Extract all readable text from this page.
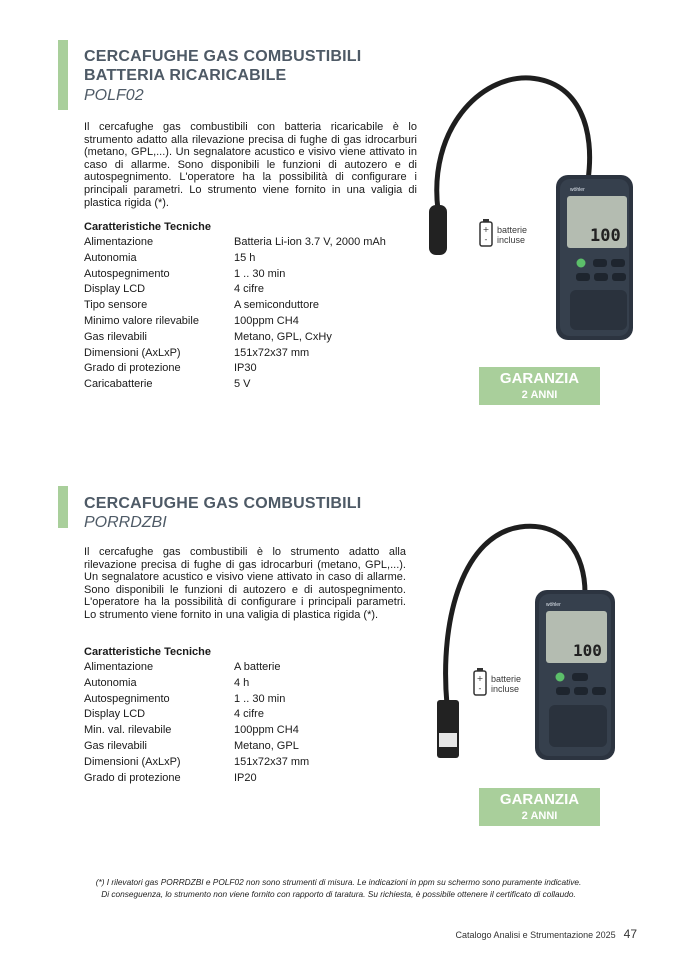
CERCAFUGHE GAS COMBUSTIBILI
BATTERIA RICARICABILE
POLF02
Il cercafughe gas combustibili con batteria ricaricabile è lo strumento adatto alla rilevazione precisa di fughe di gas idrocarburi (metano, GPL,...). Un segnalatore acustico e visivo viene attivato in caso di allarme. Sono disponibili le funzioni di autozero e di autospegnimento. L'operatore ha la possibilità di configurare i principali parametri. Lo strumento viene fornito in una valigia di plastica rigida (*).
Caratteristiche Tecniche
Alimentazione	Batteria Li-ion 3.7 V, 2000 mAh
Autonomia	15 h
Autospegnimento	1 .. 30 min
Display LCD	4 cifre
Tipo sensore	A semiconduttore
Minimo valore rilevabile	100ppm CH4
Gas rilevabili	Metano, GPL, CxHy
Dimensioni (AxLxP)	151x72x37 mm
Grado di protezione	IP30
Caricabatterie	5 V
wöhler
100
+
-
batterie
incluse
GARANZIA
2 ANNI
CERCAFUGHE GAS COMBUSTIBILI
PORRDZBI
Il cercafughe gas combustibili è lo strumento adatto alla rilevazione precisa di fughe di gas idrocarburi (metano, GPL,...). Un segnalatore acustico e visivo viene attivato in caso di allarme. Sono disponibili le funzioni di autozero e di autospegnimento. L'operatore ha la possibilità di configurare i principali parametri. Lo strumento viene fornito in una valigia di plastica rigida (*).
Caratteristiche Tecniche
Alimentazione	A batterie
Autonomia	4 h
Autospegnimento	1 .. 30 min
Display LCD	4 cifre
Min. val. rilevabile	100ppm CH4
Gas rilevabili	Metano, GPL
Dimensioni (AxLxP)	151x72x37 mm
Grado di protezione	IP20
wöhler
100
+
-
batterie
incluse
GARANZIA
2 ANNI
(*) I rilevatori gas PORRDZBI e POLF02 non sono strumenti di misura. Le indicazioni in ppm su schermo sono puramente indicative.
Di conseguenza, lo strumento non viene fornito con rapporto di taratura. Su richiesta, è possibile ottenere il certificato di collaudo.
Catalogo Analisi e Strumentazione 2025 47
